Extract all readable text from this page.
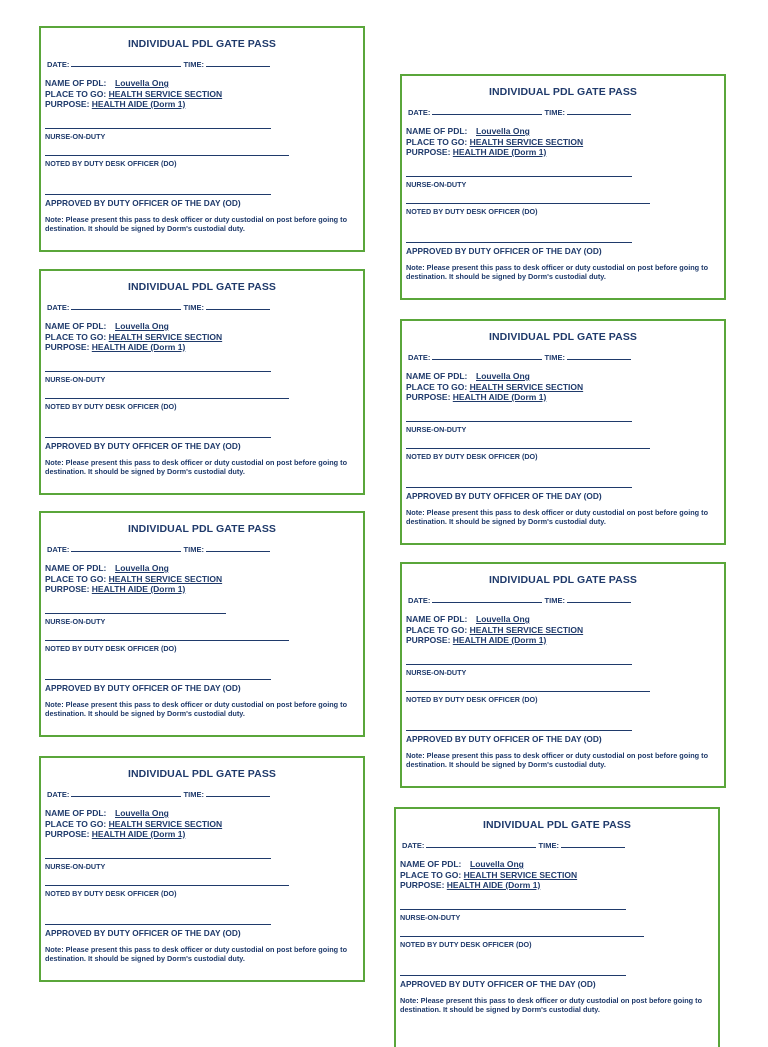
INDIVIDUAL PDL GATE PASS
DATE:	TIME:
NAME OF PDL: Louvella Ong
PLACE TO GO: HEALTH SERVICE SECTION
PURPOSE: HEALTH AIDE (Dorm 1)
NURSE-ON-DUTY
NOTED BY DUTY DESK OFFICER (DO)
APPROVED BY DUTY OFFICER OF THE DAY (OD)
Note: Please present this pass to desk officer or duty custodial on post before going to destination. It should be signed by Dorm's custodial duty.
INDIVIDUAL PDL GATE PASS
DATE:	TIME:
NAME OF PDL: Louvella Ong
PLACE TO GO: HEALTH SERVICE SECTION
PURPOSE: HEALTH AIDE (Dorm 1)
NURSE-ON-DUTY
NOTED BY DUTY DESK OFFICER (DO)
APPROVED BY DUTY OFFICER OF THE DAY (OD)
Note: Please present this pass to desk officer or duty custodial on post before going to destination. It should be signed by Dorm's custodial duty.
INDIVIDUAL PDL GATE PASS
DATE:	TIME:
NAME OF PDL: Louvella Ong
PLACE TO GO: HEALTH SERVICE SECTION
PURPOSE: HEALTH AIDE (Dorm 1)
NURSE-ON-DUTY
NOTED BY DUTY DESK OFFICER (DO)
APPROVED BY DUTY OFFICER OF THE DAY (OD)
Note: Please present this pass to desk officer or duty custodial on post before going to destination. It should be signed by Dorm's custodial duty.
INDIVIDUAL PDL GATE PASS
DATE:	TIME:
NAME OF PDL: Louvella Ong
PLACE TO GO: HEALTH SERVICE SECTION
PURPOSE: HEALTH AIDE (Dorm 1)
NURSE-ON-DUTY
NOTED BY DUTY DESK OFFICER (DO)
APPROVED BY DUTY OFFICER OF THE DAY (OD)
Note: Please present this pass to desk officer or duty custodial on post before going to destination. It should be signed by Dorm's custodial duty.
INDIVIDUAL PDL GATE PASS
DATE:	TIME:
NAME OF PDL: Louvella Ong
PLACE TO GO: HEALTH SERVICE SECTION
PURPOSE: HEALTH AIDE (Dorm 1)
NURSE-ON-DUTY
NOTED BY DUTY DESK OFFICER (DO)
APPROVED BY DUTY OFFICER OF THE DAY (OD)
Note: Please present this pass to desk officer or duty custodial on post before going to destination. It should be signed by Dorm's custodial duty.
INDIVIDUAL PDL GATE PASS
DATE:	TIME:
NAME OF PDL: Louvella Ong
PLACE TO GO: HEALTH SERVICE SECTION
PURPOSE: HEALTH AIDE (Dorm 1)
NURSE-ON-DUTY
NOTED BY DUTY DESK OFFICER (DO)
APPROVED BY DUTY OFFICER OF THE DAY (OD)
Note: Please present this pass to desk officer or duty custodial on post before going to destination. It should be signed by Dorm's custodial duty.
INDIVIDUAL PDL GATE PASS
DATE:	TIME:
NAME OF PDL: Louvella Ong
PLACE TO GO: HEALTH SERVICE SECTION
PURPOSE: HEALTH AIDE (Dorm 1)
NURSE-ON-DUTY
NOTED BY DUTY DESK OFFICER (DO)
APPROVED BY DUTY OFFICER OF THE DAY (OD)
Note: Please present this pass to desk officer or duty custodial on post before going to destination. It should be signed by Dorm's custodial duty.
INDIVIDUAL PDL GATE PASS
DATE:	TIME:
NAME OF PDL: Louvella Ong
PLACE TO GO: HEALTH SERVICE SECTION
PURPOSE: HEALTH AIDE (Dorm 1)
NURSE-ON-DUTY
NOTED BY DUTY DESK OFFICER (DO)
APPROVED BY DUTY OFFICER OF THE DAY (OD)
Note: Please present this pass to desk officer or duty custodial on post before going to destination. It should be signed by Dorm's custodial duty.
